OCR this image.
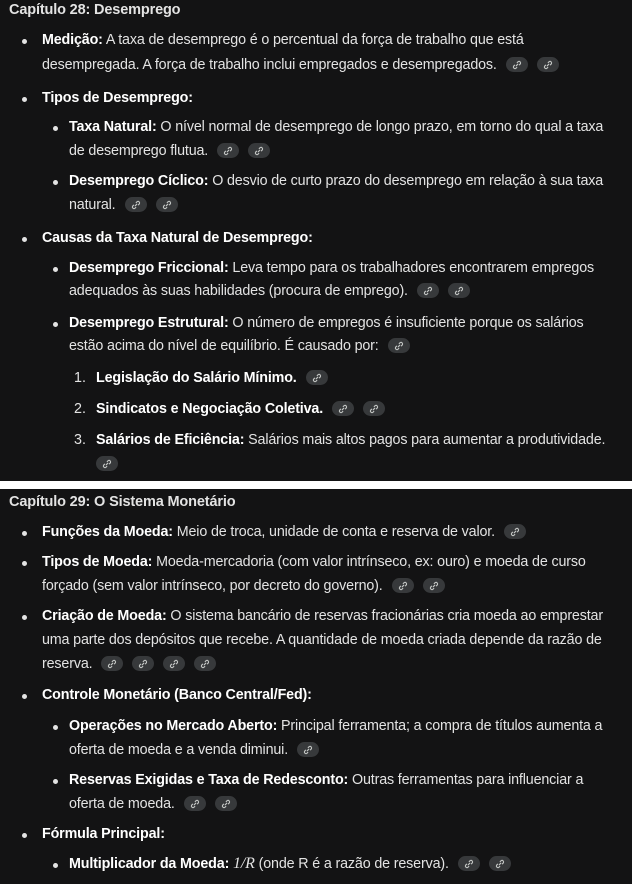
Capítulo 28: Desemprego
Medição: A taxa de desemprego é o percentual da força de trabalho que está
desempregada. A força de trabalho inclui empregados e desempregados.
Tipos de Desemprego:
Taxa Natural: O nível normal de desemprego de longo prazo, em torno do qual a taxa
de desemprego flutua.
Desemprego Cíclico: O desvio de curto prazo do desemprego em relação à sua taxa
natural.
Causas da Taxa Natural de Desemprego:
Desemprego Friccional: Leva tempo para os trabalhadores encontrarem empregos
adequados às suas habilidades (procura de emprego).
Desemprego Estrutural: O número de empregos é insuficiente porque os salários
estão acima do nível de equilíbrio. É causado por:
1. Legislação do Salário Mínimo.
2. Sindicatos e Negociação Coletiva.
3. Salários de Eficiência: Salários mais altos pagos para aumentar a produtividade.
Capítulo 29: O Sistema Monetário
Funções da Moeda: Meio de troca, unidade de conta e reserva de valor.
Tipos de Moeda: Moeda-mercadoria (com valor intrínseco, ex: ouro) e moeda de curso
forçado (sem valor intrínseco, por decreto do governo).
Criação de Moeda: O sistema bancário de reservas fracionárias cria moeda ao emprestar
uma parte dos depósitos que recebe. A quantidade de moeda criada depende da razão de
reserva.
Controle Monetário (Banco Central/Fed):
Operações no Mercado Aberto: Principal ferramenta; a compra de títulos aumenta a
oferta de moeda e a venda diminui.
Reservas Exigidas e Taxa de Redesconto: Outras ferramentas para influenciar a
oferta de moeda.
Fórmula Principal:
Multiplicador da Moeda: 1/R (onde R é a razão de reserva).
